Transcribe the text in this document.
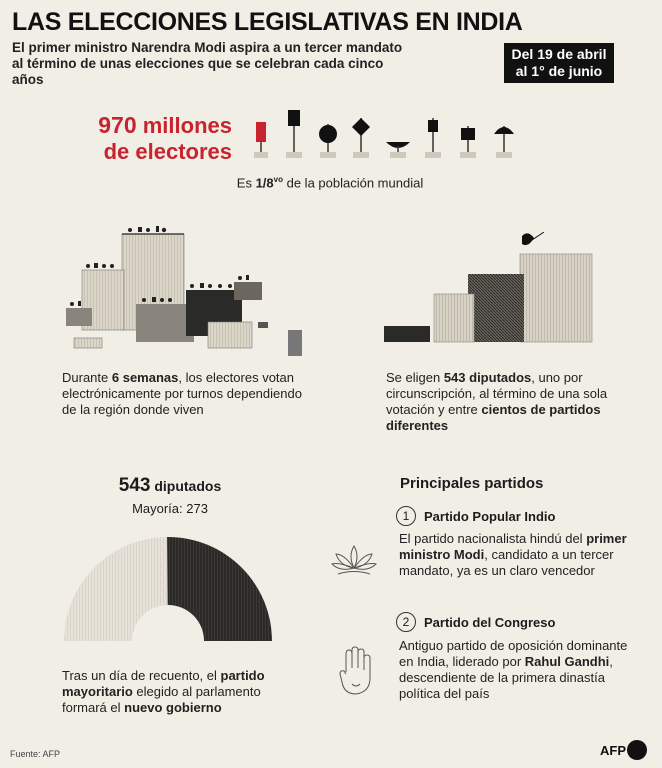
LAS ELECCIONES LEGISLATIVAS EN INDIA
El primer ministro Narendra Modi aspira a un tercer mandato
al término de unas elecciones que se celebran cada cinco años
Del 19 de abril
al 1° de junio
970 millones
de electores
Es $1/8^{vo}$ de la población mundial
Durante 6 semanas, los electores votan electrónicamente por turnos dependiendo de la región donde viven
Se eligen 543 diputados, uno por circunscripción, al término de una sola votación y entre cientos de partidos diferentes
543 diputados
Mayoría: 273
Tras un día de recuento, el partido mayoritario elegido al parlamento formará el nuevo gobierno
Principales partidos
1	Partido Popular Indio
El partido nacionalista hindú del primer ministro Modi, candidato a un tercer mandato, ya es un claro vencedor
2	Partido del Congreso
Antiguo partido de oposición dominante en India, liderado por Rahul Gandhi, descendiente de la primera dinastía política del país
Fuente: AFP	AFP
